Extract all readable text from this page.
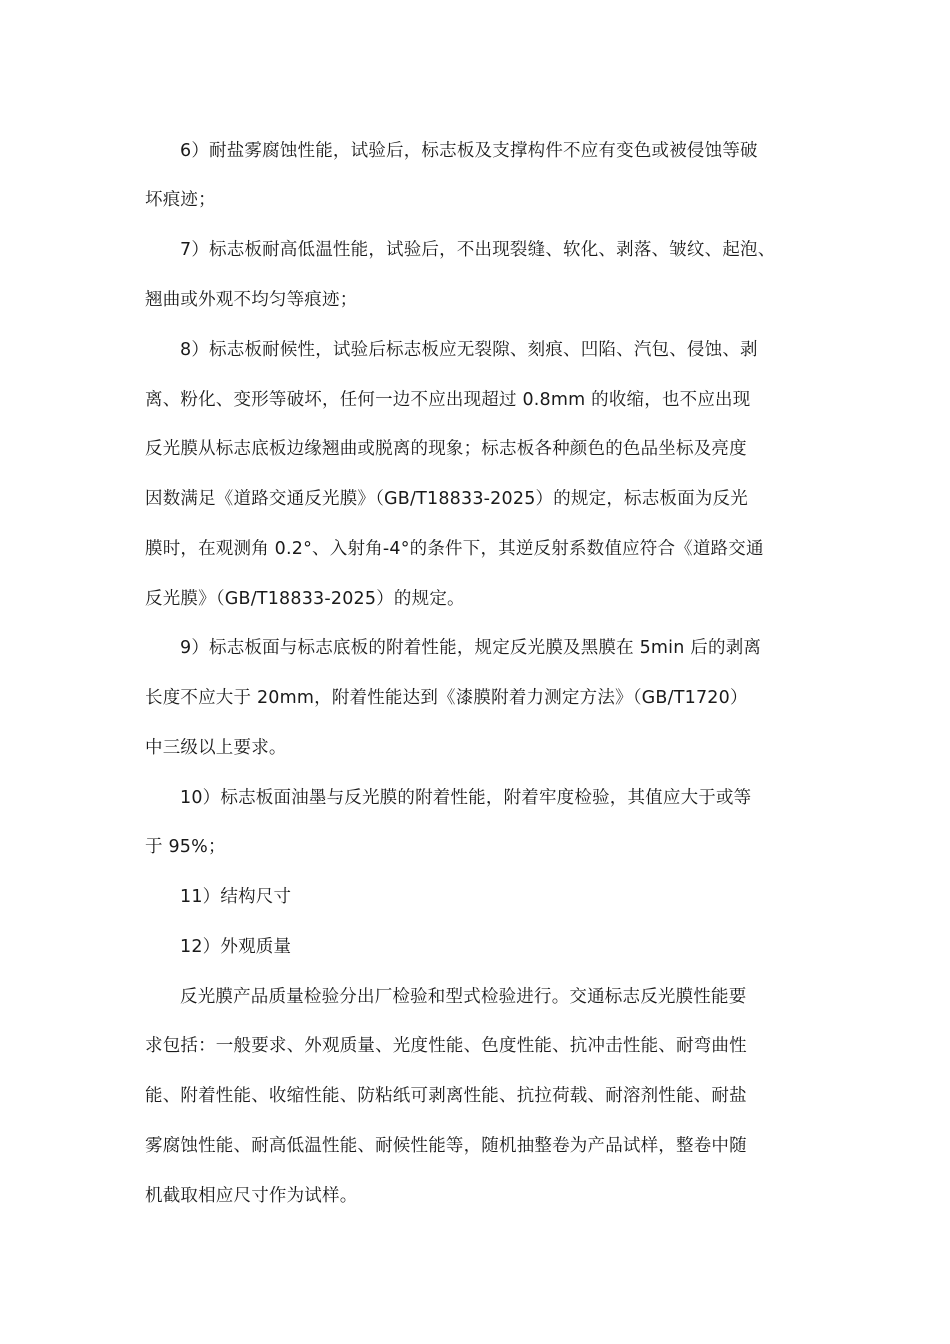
6）耐盐雾腐蚀性能，试验后，标志板及支撑构件不应有变色或被侵蚀等破
坏痕迹；
7）标志板耐高低温性能，试验后，不出现裂缝、软化、剥落、皱纹、起泡、
翘曲或外观不均匀等痕迹；
8）标志板耐候性，试验后标志板应无裂隙、刻痕、凹陷、汽包、侵蚀、剥
离、粉化、变形等破坏，任何一边不应出现超过 0.8mm 的收缩，也不应出现
反光膜从标志底板边缘翘曲或脱离的现象；标志板各种颜色的色品坐标及亮度
因数满足《道路交通反光膜》（GB/T18833-2025）的规定，标志板面为反光
膜时，在观测角 0.2°、入射角-4°的条件下，其逆反射系数值应符合《道路交通
反光膜》（GB/T18833-2025）的规定。
9）标志板面与标志底板的附着性能，规定反光膜及黑膜在 5min 后的剥离
长度不应大于 20mm，附着性能达到《漆膜附着力测定方法》（GB/T1720）
中三级以上要求。
10）标志板面油墨与反光膜的附着性能，附着牢度检验，其值应大于或等
于 95%；
11）结构尺寸
12）外观质量
反光膜产品质量检验分出厂检验和型式检验进行。交通标志反光膜性能要
求包括：一般要求、外观质量、光度性能、色度性能、抗冲击性能、耐弯曲性
能、附着性能、收缩性能、防粘纸可剥离性能、抗拉荷载、耐溶剂性能、耐盐
雾腐蚀性能、耐高低温性能、耐候性能等，随机抽整卷为产品试样，整卷中随
机截取相应尺寸作为试样。
